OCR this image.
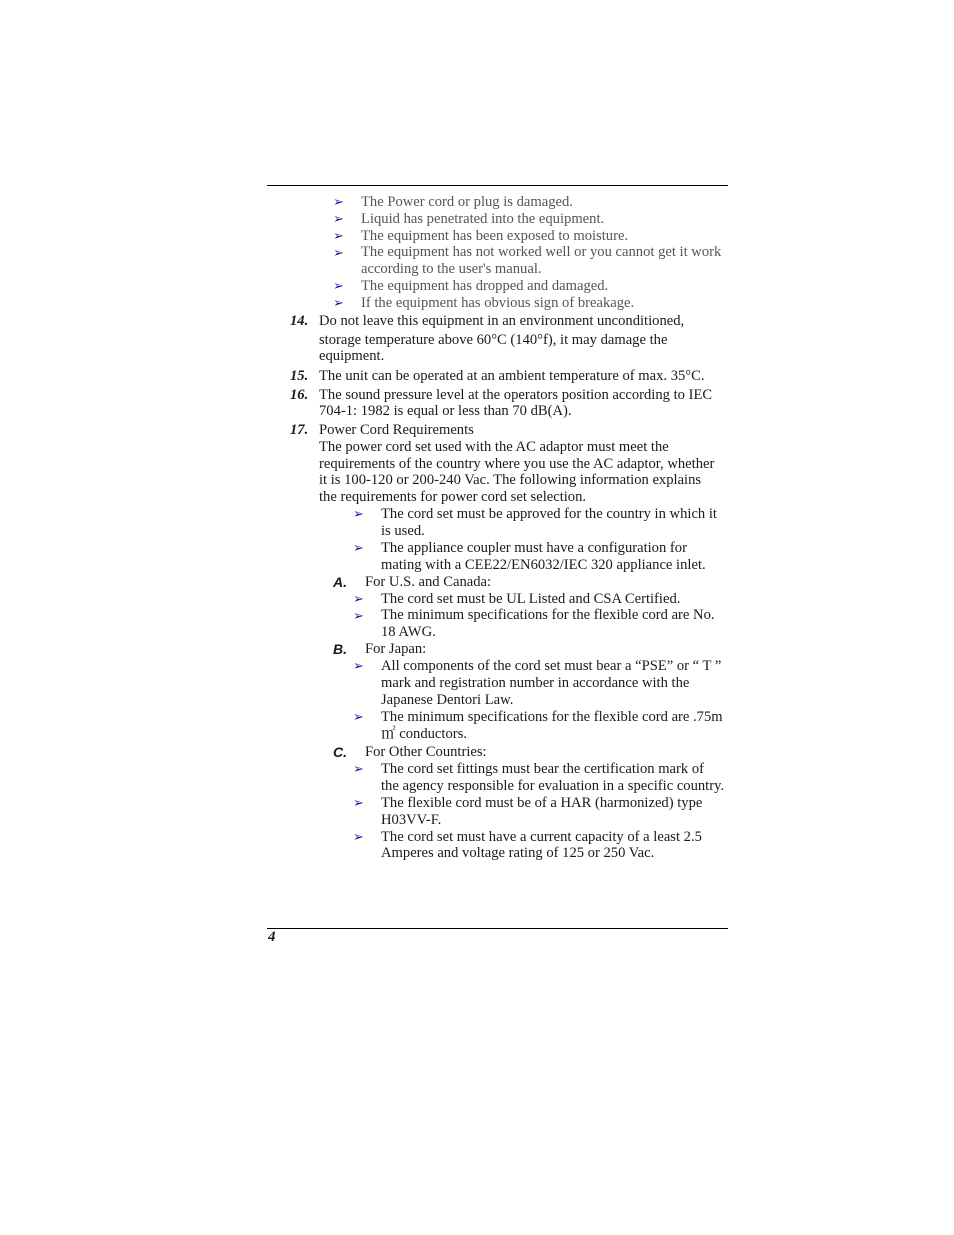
➢ The Power cord or plug is damaged.
➢ Liquid has penetrated into the equipment.
➢ The equipment has been exposed to moisture.
➢ The equipment has not worked well or you cannot get it work
according to the user's manual.
➢ The equipment has dropped and damaged.
➢ If the equipment has obvious sign of breakage.
14. Do not leave this equipment in an environment unconditioned,
storage temperature above 60°C (140°f), it may damage the
equipment.
15. The unit can be operated at an ambient temperature of max. 35°C.
16. The sound pressure level at the operators position according to IEC
704-1: 1982 is equal or less than 70 dB(A).
17. Power Cord Requirements
The power cord set used with the AC adaptor must meet the
requirements of the country where you use the AC adaptor, whether
it is 100-120 or 200-240 Vac. The following information explains
the requirements for power cord set selection.
➢ The cord set must be approved for the country in which it
is used.
➢ The appliance coupler must have a configuration for
mating with a CEE22/EN6032/IEC 320 appliance inlet.
A. For U.S. and Canada:
➢ The cord set must be UL Listed and CSA Certified.
➢ The minimum specifications for the flexible cord are No.
18 AWG.
B. For Japan:
➢ All components of the cord set must bear a “PSE” or “ T ”
mark and registration number in accordance with the
Japanese Dentori Law.
➢ The minimum specifications for the flexible cord are .75m
㎡ conductors.
C. For Other Countries:
➢ The cord set fittings must bear the certification mark of
the agency responsible for evaluation in a specific country.
➢ The flexible cord must be of a HAR (harmonized) type
H03VV-F.
➢ The cord set must have a current capacity of a least 2.5
Amperes and voltage rating of 125 or 250 Vac.
4
